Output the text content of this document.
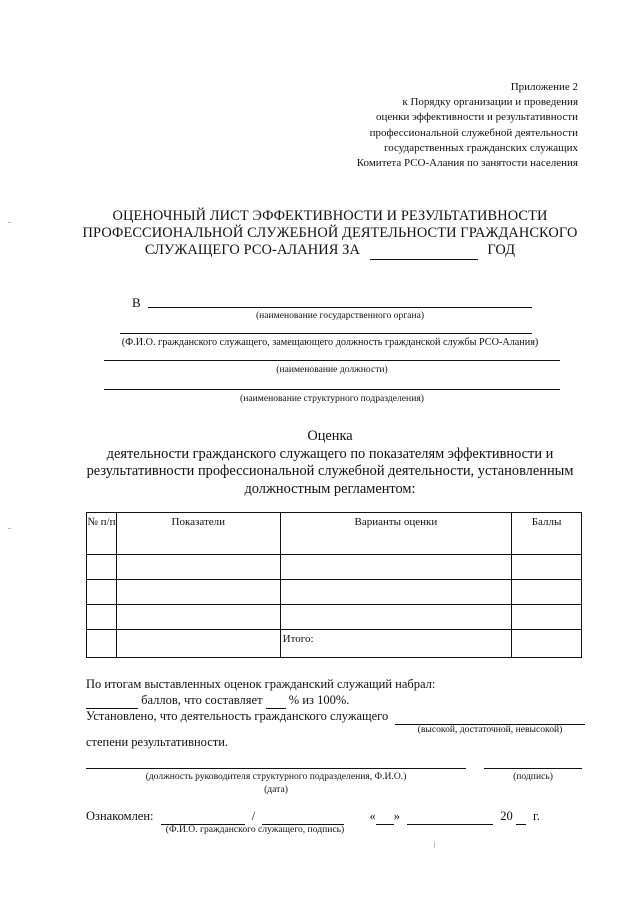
Приложение 2
к Порядку организации и проведения
оценки эффективности и результативности
профессиональной служебной деятельности
государственных гражданских служащих
Комитета РСО-Алания по занятости населения
ОЦЕНОЧНЫЙ ЛИСТ ЭФФЕКТИВНОСТИ И РЕЗУЛЬТАТИВНОСТИ
ПРОФЕССИОНАЛЬНОЙ СЛУЖЕБНОЙ ДЕЯТЕЛЬНОСТИ ГРАЖДАНСКОГО
СЛУЖАЩЕГО РСО-АЛАНИЯ ЗА	ГОД
В
(наименование государственного органа)
(Ф.И.О. гражданского служащего, замещающего должность гражданской службы РСО-Алания)
(наименование должности)
(наименование структурного подразделения)
Оценка
деятельности гражданского служащего по показателям эффективности и
результативности профессиональной служебной деятельности, установленным
должностным регламентом:
№ п/п	Показатели	Варианты оценки	Баллы

		Итого:	
По итогам выставленных оценок гражданский служащий набрал:
баллов, что составляет % из 100%.
Установлено, что деятельность гражданского служащего
(высокой, достаточной, невысокой)
степени результативности.
(должность руководителя структурного подразделения, Ф.И.О.)	(подпись)
(дата)
Ознакомлен:	/	« »	20 г.
(Ф.И.О. гражданского служащего, подпись)
